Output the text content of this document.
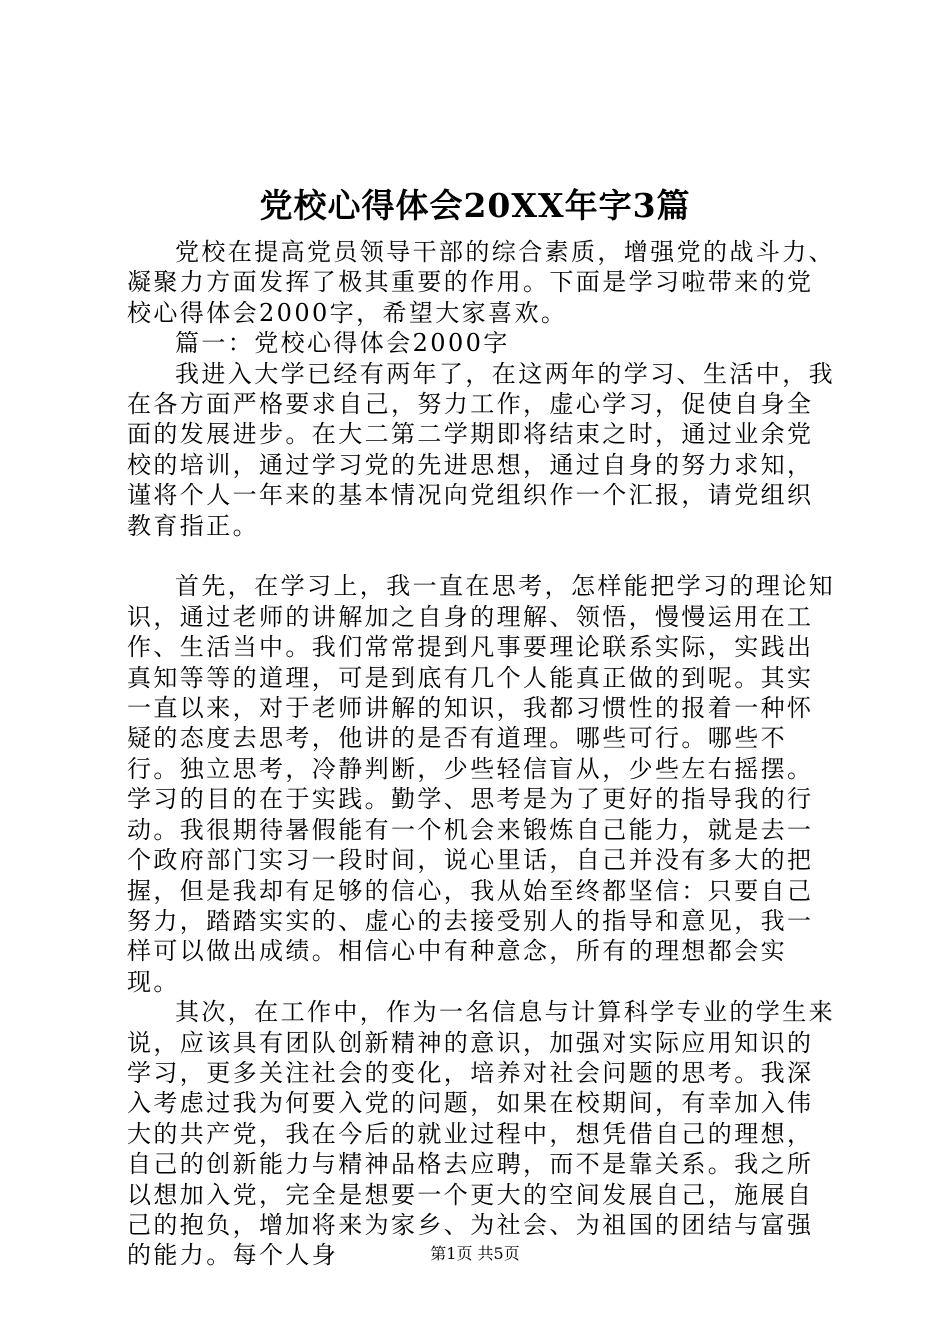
党校心得体会20XX年字3篇

党校在提高党员领导干部的综合素质，增强党的战斗力、凝聚力方面发挥了极其重要的作用。下面是学习啦带来的党校心得体会2000字，希望大家喜欢。

篇一：党校心得体会2000字

我进入大学已经有两年了，在这两年的学习、生活中，我在各方面严格要求自己，努力工作，虚心学习，促使自身全面的发展进步。在大二第二学期即将结束之时，通过业余党校的培训，通过学习党的先进思想，通过自身的努力求知，谨将个人一年来的基本情况向党组织作一个汇报，请党组织教育指正。

首先，在学习上，我一直在思考，怎样能把学习的理论知识，通过老师的讲解加之自身的理解、领悟，慢慢运用在工作、生活当中。我们常常提到凡事要理论联系实际，实践出真知等等的道理，可是到底有几个人能真正做的到呢。其实一直以来，对于老师讲解的知识，我都习惯性的报着一种怀疑的态度去思考，他讲的是否有道理。哪些可行。哪些不行。独立思考，冷静判断，少些轻信盲从，少些左右摇摆。学习的目的在于实践。勤学、思考是为了更好的指导我的行动。我很期待暑假能有一个机会来锻炼自己能力，就是去一个政府部门实习一段时间，说心里话，自己并没有多大的把握，但是我却有足够的信心，我从始至终都坚信：只要自己努力，踏踏实实的、虚心的去接受别人的指导和意见，我一样可以做出成绩。相信心中有种意念，所有的理想都会实现。

其次，在工作中，作为一名信息与计算科学专业的学生来说，应该具有团队创新精神的意识，加强对实际应用知识的学习，更多关注社会的变化，培养对社会问题的思考。我深入考虑过我为何要入党的问题，如果在校期间，有幸加入伟大的共产党，我在今后的就业过程中，想凭借自己的理想，自己的创新能力与精神品格去应聘，而不是靠关系。我之所以想加入党，完全是想要一个更大的空间发展自己，施展自己的抱负，增加将来为家乡、为社会、为祖国的团结与富强的能力。每个人身	第1页 共5页
